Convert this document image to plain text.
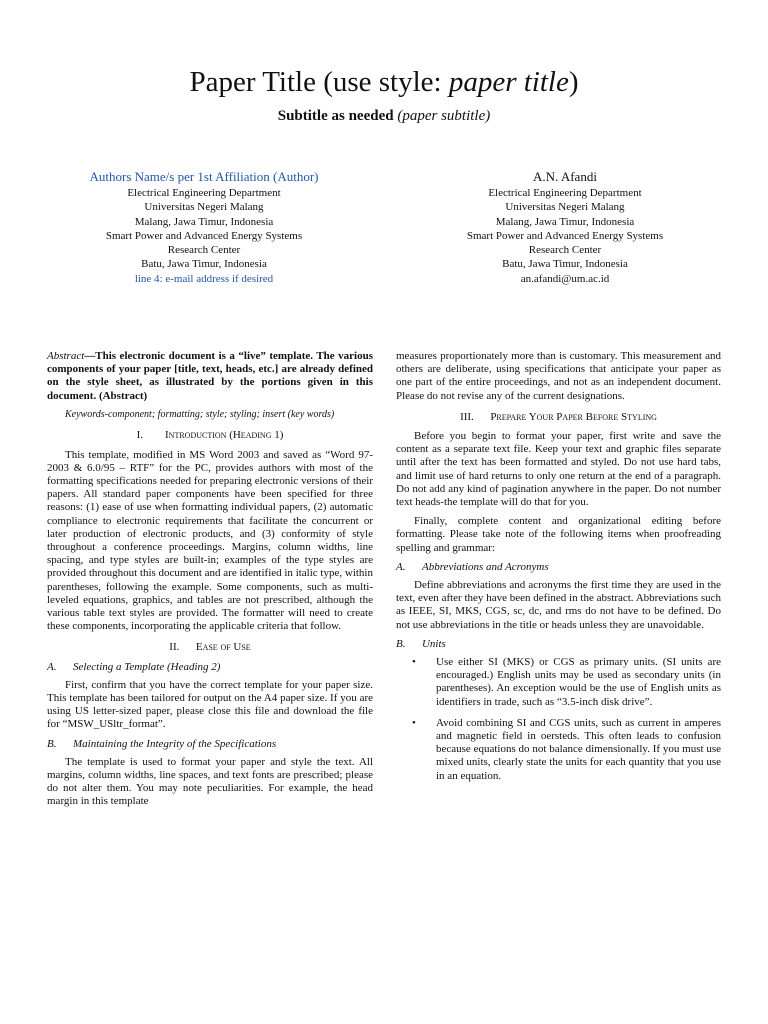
Paper Title (use style: paper title)
Subtitle as needed (paper subtitle)
Authors Name/s per 1st Affiliation (Author)
Electrical Engineering Department
Universitas Negeri Malang
Malang, Jawa Timur, Indonesia
Smart Power and Advanced Energy Systems
Research Center
Batu, Jawa Timur, Indonesia
line 4: e-mail address if desired
A.N. Afandi
Electrical Engineering Department
Universitas Negeri Malang
Malang, Jawa Timur, Indonesia
Smart Power and Advanced Energy Systems
Research Center
Batu, Jawa Timur, Indonesia
an.afandi@um.ac.id

Abstract—This electronic document is a “live” template. The various components of your paper [title, text, heads, etc.] are already defined on the style sheet, as illustrated by the portions given in this document. (Abstract)

Keywords-component; formatting; style; styling; insert (key words)

I. Introduction (Heading 1)

This template, modified in MS Word 2003 and saved as “Word 97-2003 & 6.0/95 – RTF” for the PC, provides authors with most of the formatting specifications needed for preparing electronic versions of their papers. All standard paper components have been specified for three reasons: (1) ease of use when formatting individual papers, (2) automatic compliance to electronic requirements that facilitate the concurrent or later production of electronic products, and (3) conformity of style throughout a conference proceedings. Margins, column widths, line spacing, and type styles are built-in; examples of the type styles are provided throughout this document and are identified in italic type, within parentheses, following the example. Some components, such as multi-leveled equations, graphics, and tables are not prescribed, although the various table text styles are provided. The formatter will need to create these components, incorporating the applicable criteria that follow.

II. Ease of Use
A.      Selecting a Template (Heading 2)

First, confirm that you have the correct template for your paper size. This template has been tailored for output on the A4 paper size. If you are using US letter-sized paper, please close this file and download the file for “MSW_USltr_format”.

B.      Maintaining the Integrity of the Specifications

The template is used to format your paper and style the text. All margins, column widths, line spaces, and text fonts are prescribed; please do not alter them. You may note peculiarities. For example, the head margin in this template

measures proportionately more than is customary. This measurement and others are deliberate, using specifications that anticipate your paper as one part of the entire proceedings, and not as an independent document. Please do not revise any of the current designations.

III. Prepare Your Paper Before Styling

Before you begin to format your paper, first write and save the content as a separate text file. Keep your text and graphic files separate until after the text has been formatted and styled. Do not use hard tabs, and limit use of hard returns to only one return at the end of a paragraph. Do not add any kind of pagination anywhere in the paper. Do not number text heads-the template will do that for you.

Finally, complete content and organizational editing before formatting. Please take note of the following items when proofreading spelling and grammar:

A.      Abbreviations and Acronyms

Define abbreviations and acronyms the first time they are used in the text, even after they have been defined in the abstract. Abbreviations such as IEEE, SI, MKS, CGS, sc, dc, and rms do not have to be defined. Do not use abbreviations in the title or heads unless they are unavoidable.

B.      Units
• Use either SI (MKS) or CGS as primary units. (SI units are encouraged.) English units may be used as secondary units (in parentheses). An exception would be the use of English units as identifiers in trade, such as “3.5-inch disk drive”.
• Avoid combining SI and CGS units, such as current in amperes and magnetic field in oersteds. This often leads to confusion because equations do not balance dimensionally. If you must use mixed units, clearly state the units for each quantity that you use in an equation.
